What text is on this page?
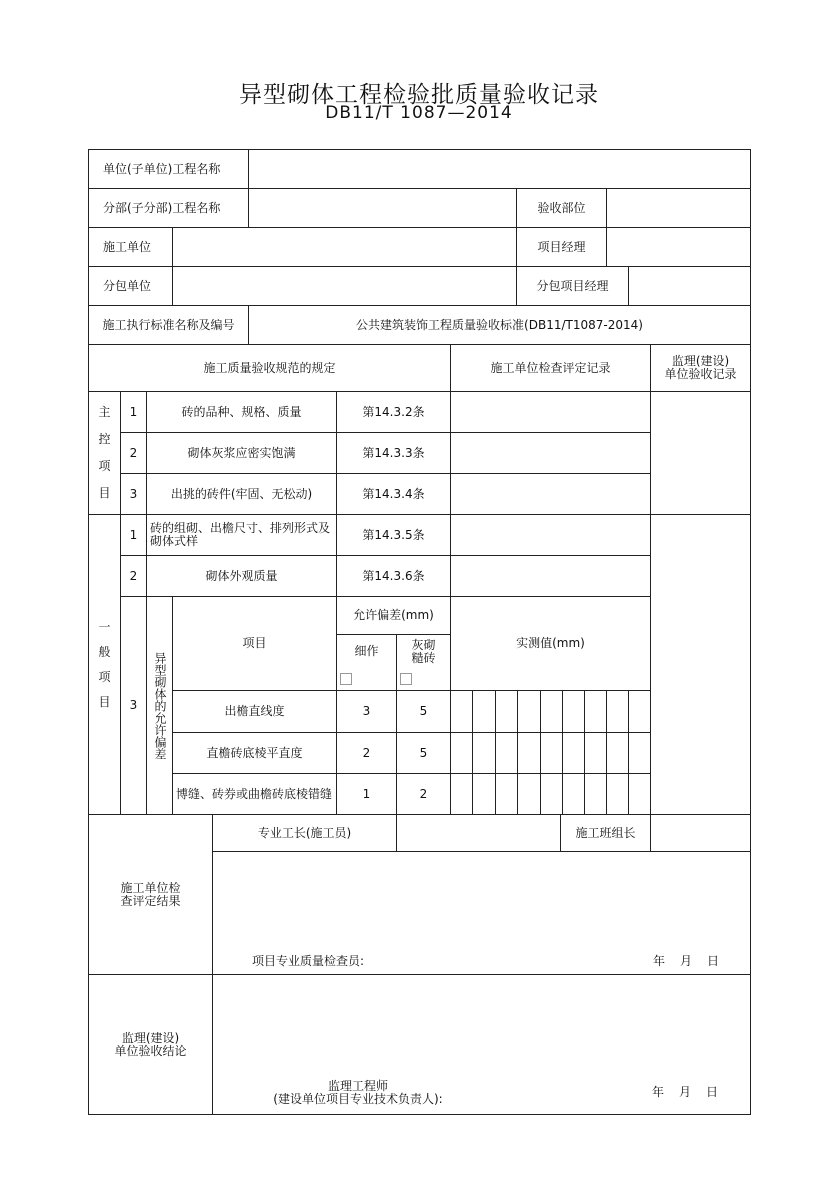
异型砌体工程检验批质量验收记录
DB11/T 1087—2014
单位(子单位)工程名称
分部(子分部)工程名称	验收部位
施工单位	项目经理
分包单位	分包项目经理
施工执行标准名称及编号	公共建筑装饰工程质量验收标准(DB11/T1087-2014)
施工质量验收规范的规定	施工单位检查评定记录	监理(建设)
单位验收记录
主
控
项
目
1	砖的品种、规格、质量	第14.3.2条
2	砌体灰浆应密实饱满	第14.3.3条
3	出挑的砖件(牢固、无松动)	第14.3.4条
一
般
项
目
1	砖的组砌、出檐尺寸、排列形式及砌体式样	第14.3.5条
2	砌体外观质量	第14.3.6条
3	异型砌体的允许偏差
项目
允许偏差(mm)
细作	灰砌糙砖
实测值(mm)
出檐直线度	3	5
直檐砖底棱平直度	2	5
博缝、砖券或曲檐砖底棱错缝	1	2
施工单位检
查评定结果
专业工长(施工员)	施工班组长
项目专业质量检查员:	年 月 日
监理(建设)
单位验收结论
监理工程师
(建设单位项目专业技术负责人):	年 月 日
